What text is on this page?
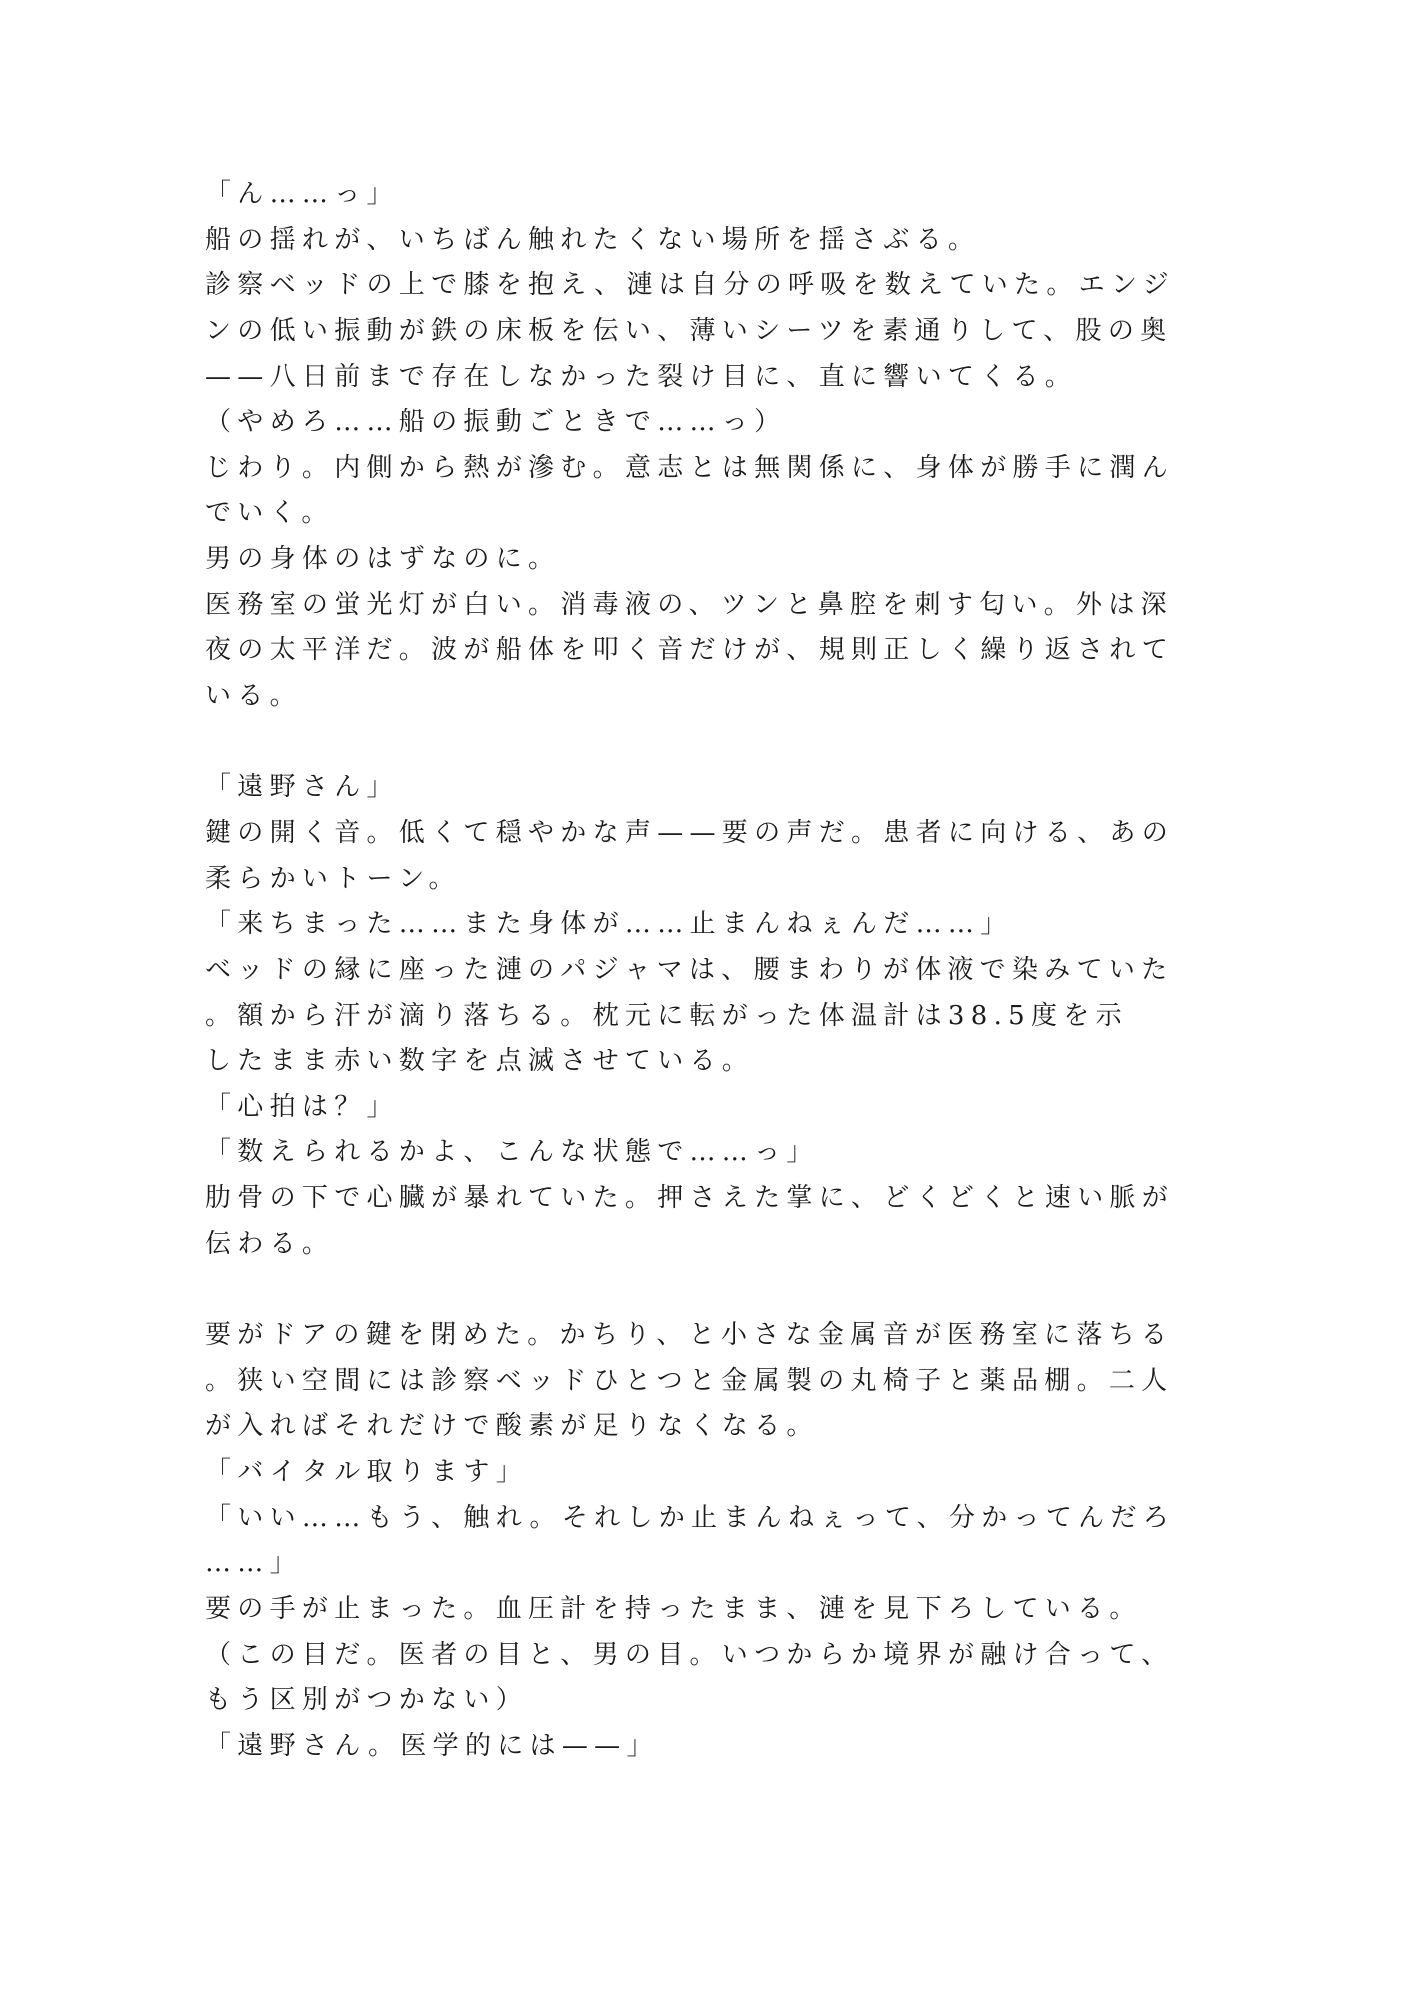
「ん……っ」
船の揺れが、いちばん触れたくない場所を揺さぶる。
診察ベッドの上で膝を抱え、漣は自分の呼吸を数えていた。エンジ
ンの低い振動が鉄の床板を伝い、薄いシーツを素通りして、股の奥
——八日前まで存在しなかった裂け目に、直に響いてくる。
（やめろ……船の振動ごときで……っ）
じわり。内側から熱が滲む。意志とは無関係に、身体が勝手に潤ん
でいく。
男の身体のはずなのに。
医務室の蛍光灯が白い。消毒液の、ツンと鼻腔を刺す匂い。外は深
夜の太平洋だ。波が船体を叩く音だけが、規則正しく繰り返されて
いる。
「遠野さん」
鍵の開く音。低くて穏やかな声——要の声だ。患者に向ける、あの
柔らかいトーン。
「来ちまった……また身体が……止まんねぇんだ……」
ベッドの縁に座った漣のパジャマは、腰まわりが体液で染みていた
。額から汗が滴り落ちる。枕元に転がった体温計は38.5度を示
したまま赤い数字を点滅させている。
「心拍は？」
「数えられるかよ、こんな状態で……っ」
肋骨の下で心臓が暴れていた。押さえた掌に、どくどくと速い脈が
伝わる。
要がドアの鍵を閉めた。かちり、と小さな金属音が医務室に落ちる
。狭い空間には診察ベッドひとつと金属製の丸椅子と薬品棚。二人
が入ればそれだけで酸素が足りなくなる。
「バイタル取ります」
「いい……もう、触れ。それしか止まんねぇって、分かってんだろ
……」
要の手が止まった。血圧計を持ったまま、漣を見下ろしている。
（この目だ。医者の目と、男の目。いつからか境界が融け合って、
もう区別がつかない）
「遠野さん。医学的には——」
